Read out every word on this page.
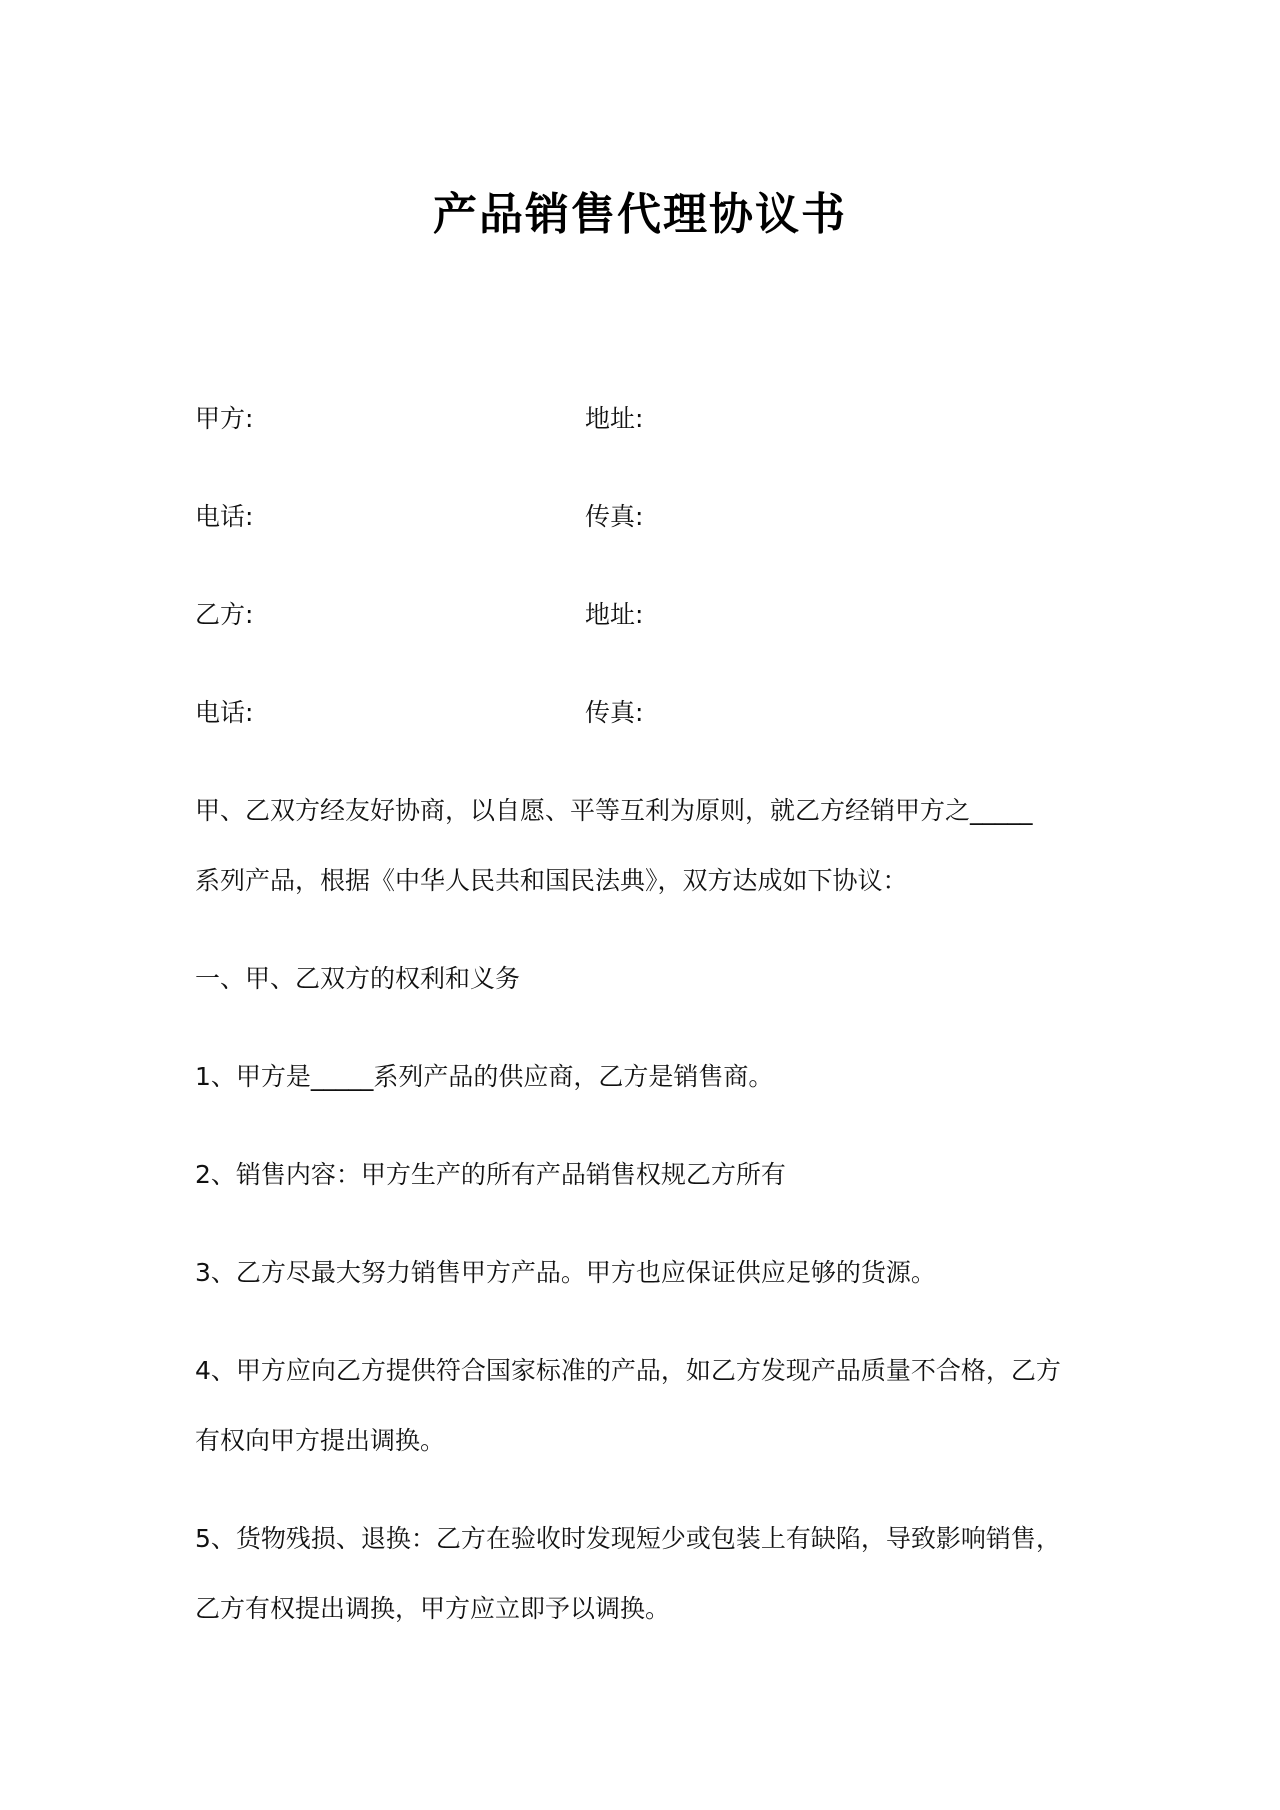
产品销售代理协议书

甲方:	地址:

电话:	传真:

乙方:	地址:

电话:	传真:

甲、乙双方经友好协商，以自愿、平等互利为原则，就乙方经销甲方之_____

系列产品，根据《中华人民共和国民法典》，双方达成如下协议：

一、甲、乙双方的权利和义务

1、甲方是_____系列产品的供应商，乙方是销售商。

2、销售内容：甲方生产的所有产品销售权规乙方所有

3、乙方尽最大努力销售甲方产品。甲方也应保证供应足够的货源。

4、甲方应向乙方提供符合国家标准的产品，如乙方发现产品质量不合格，乙方

有权向甲方提出调换。

5、货物残损、退换：乙方在验收时发现短少或包装上有缺陷，导致影响销售，

乙方有权提出调换，甲方应立即予以调换。
